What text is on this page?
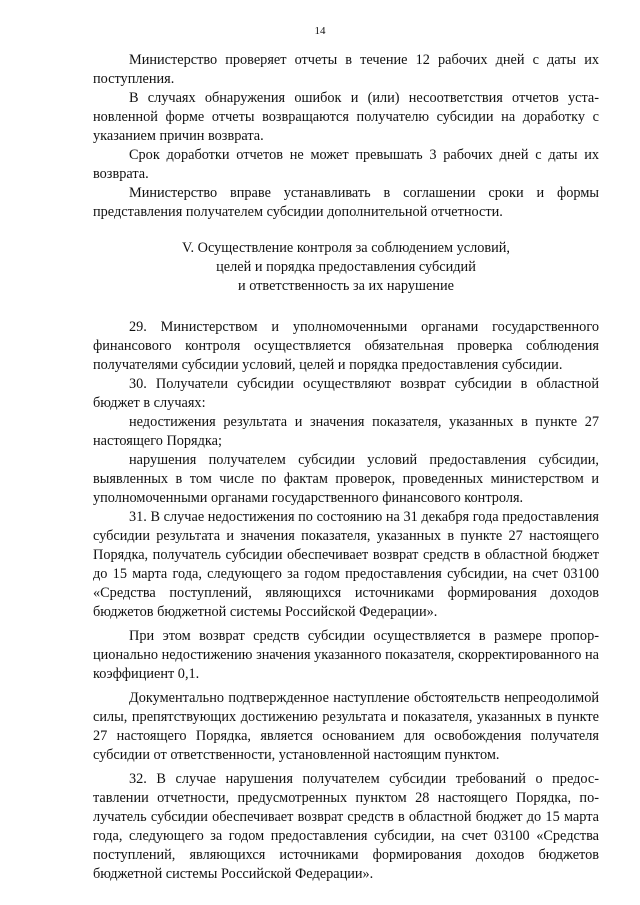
14

Министерство проверяет отчеты в течение 12 рабочих дней с даты их поступления.

В случаях обнаружения ошибок и (или) несоответствия отчетов установленной форме отчеты возвращаются получателю субсидии на доработку с указанием причин возврата.

Срок доработки отчетов не может превышать 3 рабочих дней с даты их возврата.

Министерство вправе устанавливать в соглашении сроки и формы представления получателем субсидии дополнительной отчетности.

V. Осуществление контроля за соблюдением условий,
целей и порядка предоставления субсидий
и ответственность за их нарушение

29. Министерством и уполномоченными органами государственного финансового контроля осуществляется обязательная проверка соблюдения получателями субсидии условий, целей и порядка предоставления субсидии.

30. Получатели субсидии осуществляют возврат субсидии в областной бюджет в случаях:

недостижения результата и значения показателя, указанных в пункте 27 настоящего Порядка;

нарушения получателем субсидии условий предоставления субсидии, выявленных в том числе по фактам проверок, проведенных министерством и уполномоченными органами государственного финансового контроля.

31. В случае недостижения по состоянию на 31 декабря года предоставления субсидии результата и значения показателя, указанных в пункте 27 настоящего Порядка, получатель субсидии обеспечивает возврат средств в областной бюджет до 15 марта года, следующего за годом предоставления субсидии, на счет 03100 «Средства поступлений, являющихся источниками формирования доходов бюджетов бюджетной системы Российской Федерации».

При этом возврат средств субсидии осуществляется в размере пропорционально недостижению значения указанного показателя, скорректированного на коэффициент 0,1.

Документально подтвержденное наступление обстоятельств непреодолимой силы, препятствующих достижению результата и показателя, указанных в пункте 27 настоящего Порядка, является основанием для освобождения получателя субсидии от ответственности, установленной настоящим пунктом.

32. В случае нарушения получателем субсидии требований о предоставлении отчетности, предусмотренных пунктом 28 настоящего Порядка, получатель субсидии обеспечивает возврат средств в областной бюджет до 15 марта года, следующего за годом предоставления субсидии, на счет 03100 «Средства поступлений, являющихся источниками формирования доходов бюджетов бюджетной системы Российской Федерации».
